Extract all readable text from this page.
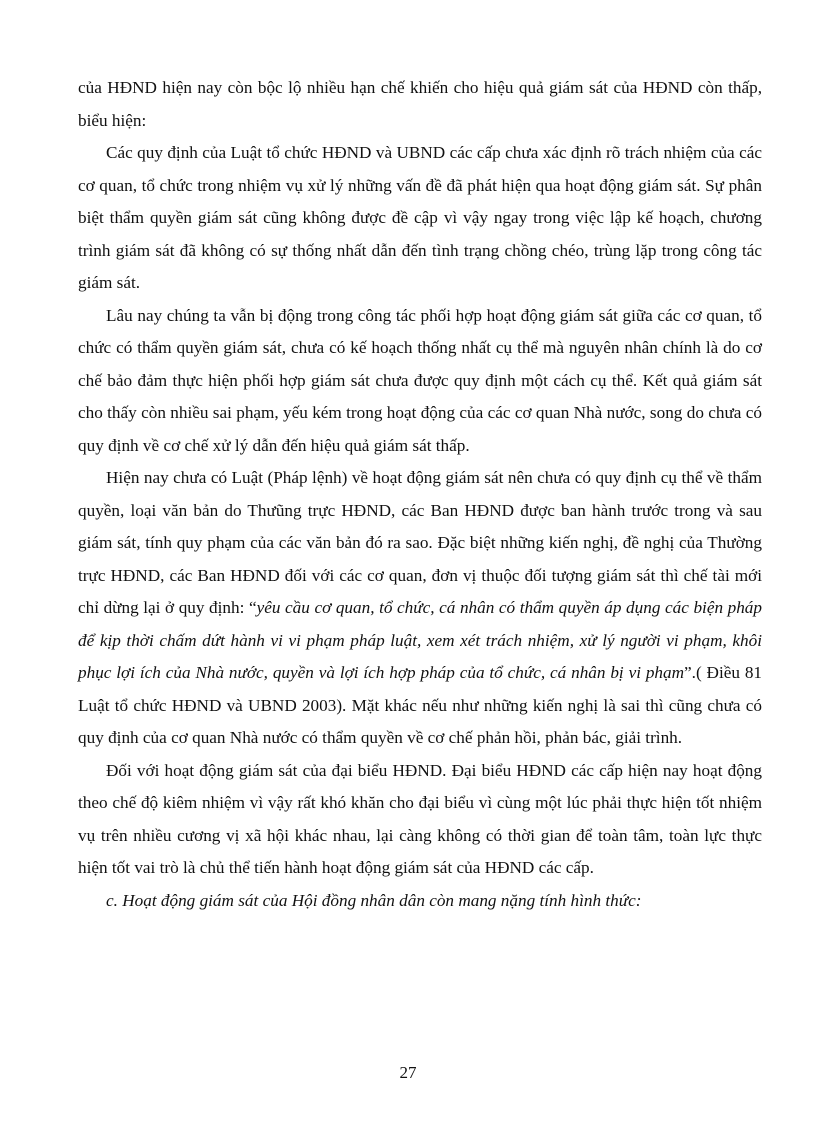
của HĐND hiện nay còn bộc lộ nhiều hạn chế khiến cho hiệu quả giám sát của HĐND còn thấp, biểu hiện:

Các quy định của Luật tổ chức HĐND và UBND các cấp chưa xác định rõ trách nhiệm của các cơ quan, tổ chức trong nhiệm vụ xử lý những vấn đề đã phát hiện qua hoạt động giám sát. Sự phân biệt thẩm quyền giám sát cũng không được đề cập vì vậy ngay trong việc lập kế hoạch, chương trình giám sát đã không có sự thống nhất dẫn đến tình trạng chồng chéo, trùng lặp trong công tác giám sát.

Lâu nay chúng ta vẫn bị động trong công tác phối hợp hoạt động giám sát giữa các cơ quan, tổ chức có thẩm quyền giám sát, chưa có kế hoạch thống nhất cụ thể mà nguyên nhân chính là do cơ chế bảo đảm thực hiện phối hợp giám sát chưa được quy định một cách cụ thể. Kết quả giám sát cho thấy còn nhiều sai phạm, yếu kém trong hoạt động của các cơ quan Nhà nước, song do chưa có quy định về cơ chế xử lý dẫn đến hiệu quả giám sát thấp.

Hiện nay chưa có Luật (Pháp lệnh) về hoạt động giám sát nên chưa có quy định cụ thể về thẩm quyền, loại văn bản do Thưũng trực HĐND, các Ban HĐND được ban hành trước trong và sau giám sát, tính quy phạm của các văn bản đó ra sao. Đặc biệt những kiến nghị, đề nghị của Thường trực HĐND, các Ban HĐND đối với các cơ quan, đơn vị thuộc đối tượng giám sát thì chế tài mới chỉ dừng lại ở quy định: “yêu cầu cơ quan, tổ chức, cá nhân có thẩm quyền áp dụng các biện pháp để kịp thời chấm dứt hành vi vi phạm pháp luật, xem xét trách nhiệm, xử lý người vi phạm, khôi phục lợi ích của Nhà nước, quyền và lợi ích hợp pháp của tổ chức, cá nhân bị vi phạm”.( Điều 81 Luật tổ chức HĐND và UBND 2003). Mặt khác nếu như những kiến nghị là sai thì cũng chưa có quy định của cơ quan Nhà nước có thẩm quyền về cơ chế phản hồi, phản bác, giải trình.

Đối với hoạt động giám sát của đại biểu HĐND. Đại biểu HĐND các cấp hiện nay hoạt động theo chế độ kiêm nhiệm vì vậy rất khó khăn cho đại biểu vì cùng một lúc phải thực hiện tốt nhiệm vụ trên nhiều cương vị xã hội khác nhau, lại càng không có thời gian để toàn tâm, toàn lực thực hiện tốt vai trò là chủ thể tiến hành hoạt động giám sát của HĐND các cấp.

c. Hoạt động giám sát của Hội đồng nhân dân còn mang nặng tính hình thức:

27
